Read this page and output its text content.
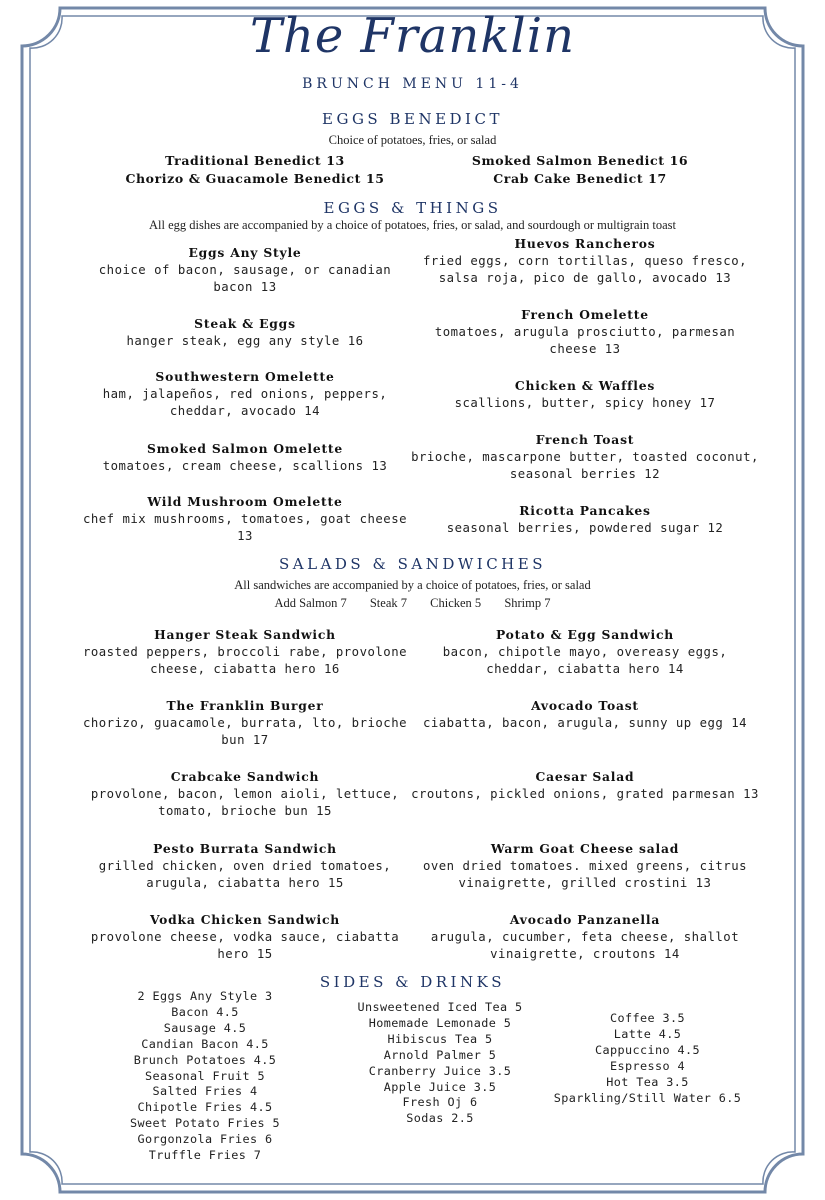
The Franklin
BRUNCH MENU 11-4
EGGS BENEDICT
Choice of potatoes, fries, or salad
Traditional Benedict 13
Chorizo & Guacamole Benedict 15
Smoked Salmon Benedict 16
Crab Cake Benedict 17
EGGS & THINGS
All egg dishes are accompanied by a choice of potatoes, fries, or salad, and sourdough or multigrain toast
Eggs Any Style
choice of bacon, sausage, or canadian bacon 13
Steak & Eggs
hanger steak, egg any style 16
Southwestern Omelette
ham, jalapeños, red onions, peppers, cheddar, avocado 14
Smoked Salmon Omelette
tomatoes, cream cheese, scallions 13
Wild Mushroom Omelette
chef mix mushrooms, tomatoes, goat cheese 13
Huevos Rancheros
fried eggs, corn tortillas, queso fresco, salsa roja, pico de gallo, avocado 13
French Omelette
tomatoes, arugula prosciutto, parmesan cheese 13
Chicken & Waffles
scallions, butter, spicy honey 17
French Toast
brioche, mascarpone butter, toasted coconut, seasonal berries 12
Ricotta Pancakes
seasonal berries, powdered sugar 12
SALADS & SANDWICHES
All sandwiches are accompanied by a choice of potatoes, fries, or salad
Add Salmon 7 Steak 7 Chicken 5 Shrimp 7
Hanger Steak Sandwich
roasted peppers, broccoli rabe, provolone cheese, ciabatta hero 16
The Franklin Burger
chorizo, guacamole, burrata, lto, brioche bun 17
Crabcake Sandwich
provolone, bacon, lemon aioli, lettuce, tomato, brioche bun 15
Pesto Burrata Sandwich
grilled chicken, oven dried tomatoes, arugula, ciabatta hero 15
Vodka Chicken Sandwich
provolone cheese, vodka sauce, ciabatta hero 15
Potato & Egg Sandwich
bacon, chipotle mayo, overeasy eggs, cheddar, ciabatta hero 14
Avocado Toast
ciabatta, bacon, arugula, sunny up egg 14
Caesar Salad
croutons, pickled onions, grated parmesan 13
Warm Goat Cheese salad
oven dried tomatoes. mixed greens, citrus vinaigrette, grilled crostini 13
Avocado Panzanella
arugula, cucumber, feta cheese, shallot vinaigrette, croutons 14
SIDES & DRINKS
2 Eggs Any Style 3
Bacon 4.5
Sausage 4.5
Candian Bacon 4.5
Brunch Potatoes 4.5
Seasonal Fruit 5
Salted Fries 4
Chipotle Fries 4.5
Sweet Potato Fries 5
Gorgonzola Fries 6
Truffle Fries 7
Unsweetened Iced Tea 5
Homemade Lemonade 5
Hibiscus Tea 5
Arnold Palmer 5
Cranberry Juice 3.5
Apple Juice 3.5
Fresh Oj 6
Sodas 2.5
Coffee 3.5
Latte 4.5
Cappuccino 4.5
Espresso 4
Hot Tea 3.5
Sparkling/Still Water 6.5
